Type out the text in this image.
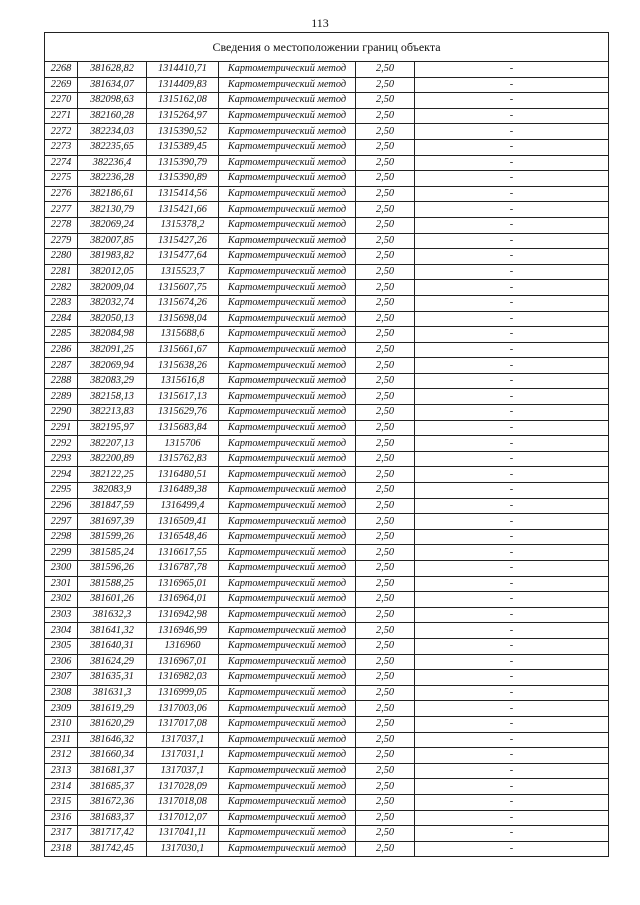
113
Сведения о местоположении границ объекта					
2268	381628,82	1314410,71	Картометрический метод	2,50	-
2269	381634,07	1314409,83	Картометрический метод	2,50	-
2270	382098,63	1315162,08	Картометрический метод	2,50	-
2271	382160,28	1315264,97	Картометрический метод	2,50	-
2272	382234,03	1315390,52	Картометрический метод	2,50	-
2273	382235,65	1315389,45	Картометрический метод	2,50	-
2274	382236,4	1315390,79	Картометрический метод	2,50	-
2275	382236,28	1315390,89	Картометрический метод	2,50	-
2276	382186,61	1315414,56	Картометрический метод	2,50	-
2277	382130,79	1315421,66	Картометрический метод	2,50	-
2278	382069,24	1315378,2	Картометрический метод	2,50	-
2279	382007,85	1315427,26	Картометрический метод	2,50	-
2280	381983,82	1315477,64	Картометрический метод	2,50	-
2281	382012,05	1315523,7	Картометрический метод	2,50	-
2282	382009,04	1315607,75	Картометрический метод	2,50	-
2283	382032,74	1315674,26	Картометрический метод	2,50	-
2284	382050,13	1315698,04	Картометрический метод	2,50	-
2285	382084,98	1315688,6	Картометрический метод	2,50	-
2286	382091,25	1315661,67	Картометрический метод	2,50	-
2287	382069,94	1315638,26	Картометрический метод	2,50	-
2288	382083,29	1315616,8	Картометрический метод	2,50	-
2289	382158,13	1315617,13	Картометрический метод	2,50	-
2290	382213,83	1315629,76	Картометрический метод	2,50	-
2291	382195,97	1315683,84	Картометрический метод	2,50	-
2292	382207,13	1315706	Картометрический метод	2,50	-
2293	382200,89	1315762,83	Картометрический метод	2,50	-
2294	382122,25	1316480,51	Картометрический метод	2,50	-
2295	382083,9	1316489,38	Картометрический метод	2,50	-
2296	381847,59	1316499,4	Картометрический метод	2,50	-
2297	381697,39	1316509,41	Картометрический метод	2,50	-
2298	381599,26	1316548,46	Картометрический метод	2,50	-
2299	381585,24	1316617,55	Картометрический метод	2,50	-
2300	381596,26	1316787,78	Картометрический метод	2,50	-
2301	381588,25	1316965,01	Картометрический метод	2,50	-
2302	381601,26	1316964,01	Картометрический метод	2,50	-
2303	381632,3	1316942,98	Картометрический метод	2,50	-
2304	381641,32	1316946,99	Картометрический метод	2,50	-
2305	381640,31	1316960	Картометрический метод	2,50	-
2306	381624,29	1316967,01	Картометрический метод	2,50	-
2307	381635,31	1316982,03	Картометрический метод	2,50	-
2308	381631,3	1316999,05	Картометрический метод	2,50	-
2309	381619,29	1317003,06	Картометрический метод	2,50	-
2310	381620,29	1317017,08	Картометрический метод	2,50	-
2311	381646,32	1317037,1	Картометрический метод	2,50	-
2312	381660,34	1317031,1	Картометрический метод	2,50	-
2313	381681,37	1317037,1	Картометрический метод	2,50	-
2314	381685,37	1317028,09	Картометрический метод	2,50	-
2315	381672,36	1317018,08	Картометрический метод	2,50	-
2316	381683,37	1317012,07	Картометрический метод	2,50	-
2317	381717,42	1317041,11	Картометрический метод	2,50	-
2318	381742,45	1317030,1	Картометрический метод	2,50	-
